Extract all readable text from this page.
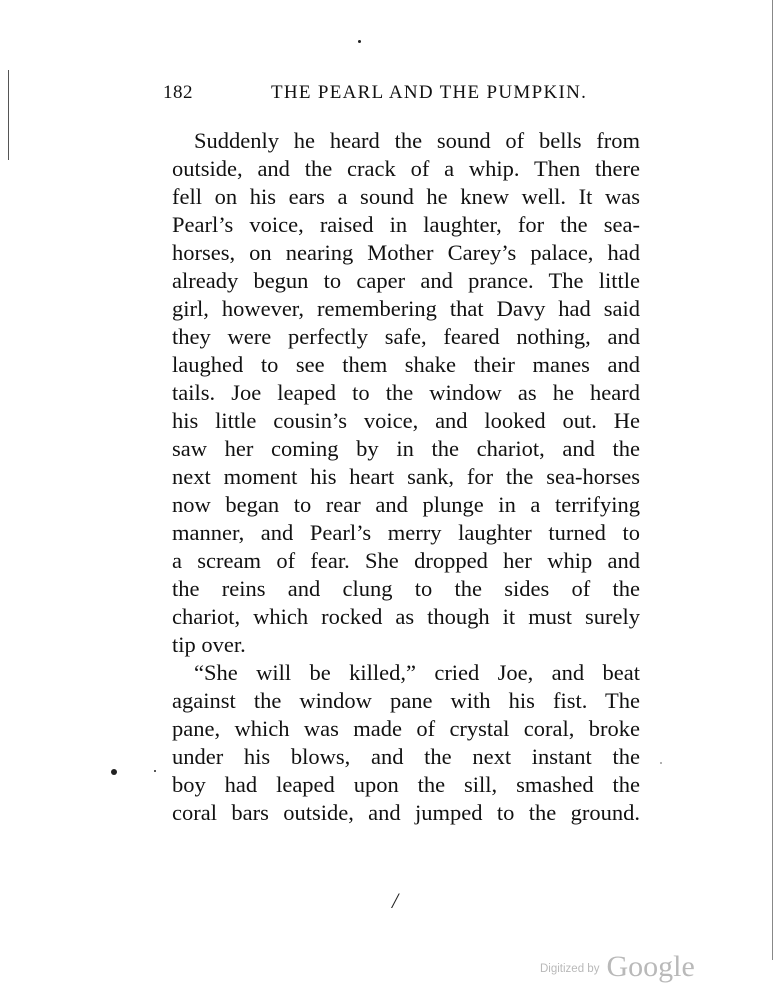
182	THE PEARL AND THE PUMPKIN.
Suddenly he heard the sound of bells from
outside, and the crack of a whip. Then there
fell on his ears a sound he knew well. It was
Pearl’s voice, raised in laughter, for the sea-
horses, on nearing Mother Carey’s palace, had
already begun to caper and prance. The little
girl, however, remembering that Davy had said
they were perfectly safe, feared nothing, and
laughed to see them shake their manes and
tails. Joe leaped to the window as he heard
his little cousin’s voice, and looked out. He
saw her coming by in the chariot, and the
next moment his heart sank, for the sea-horses
now began to rear and plunge in a terrifying
manner, and Pearl’s merry laughter turned to
a scream of fear. She dropped her whip and
the reins and clung to the sides of the
chariot, which rocked as though it must surely
tip over.
“She will be killed,” cried Joe, and beat
against the window pane with his fist. The
pane, which was made of crystal coral, broke
under his blows, and the next instant the
boy had leaped upon the sill, smashed the
coral bars outside, and jumped to the ground.
/
$^{Digitized by}$ Google
